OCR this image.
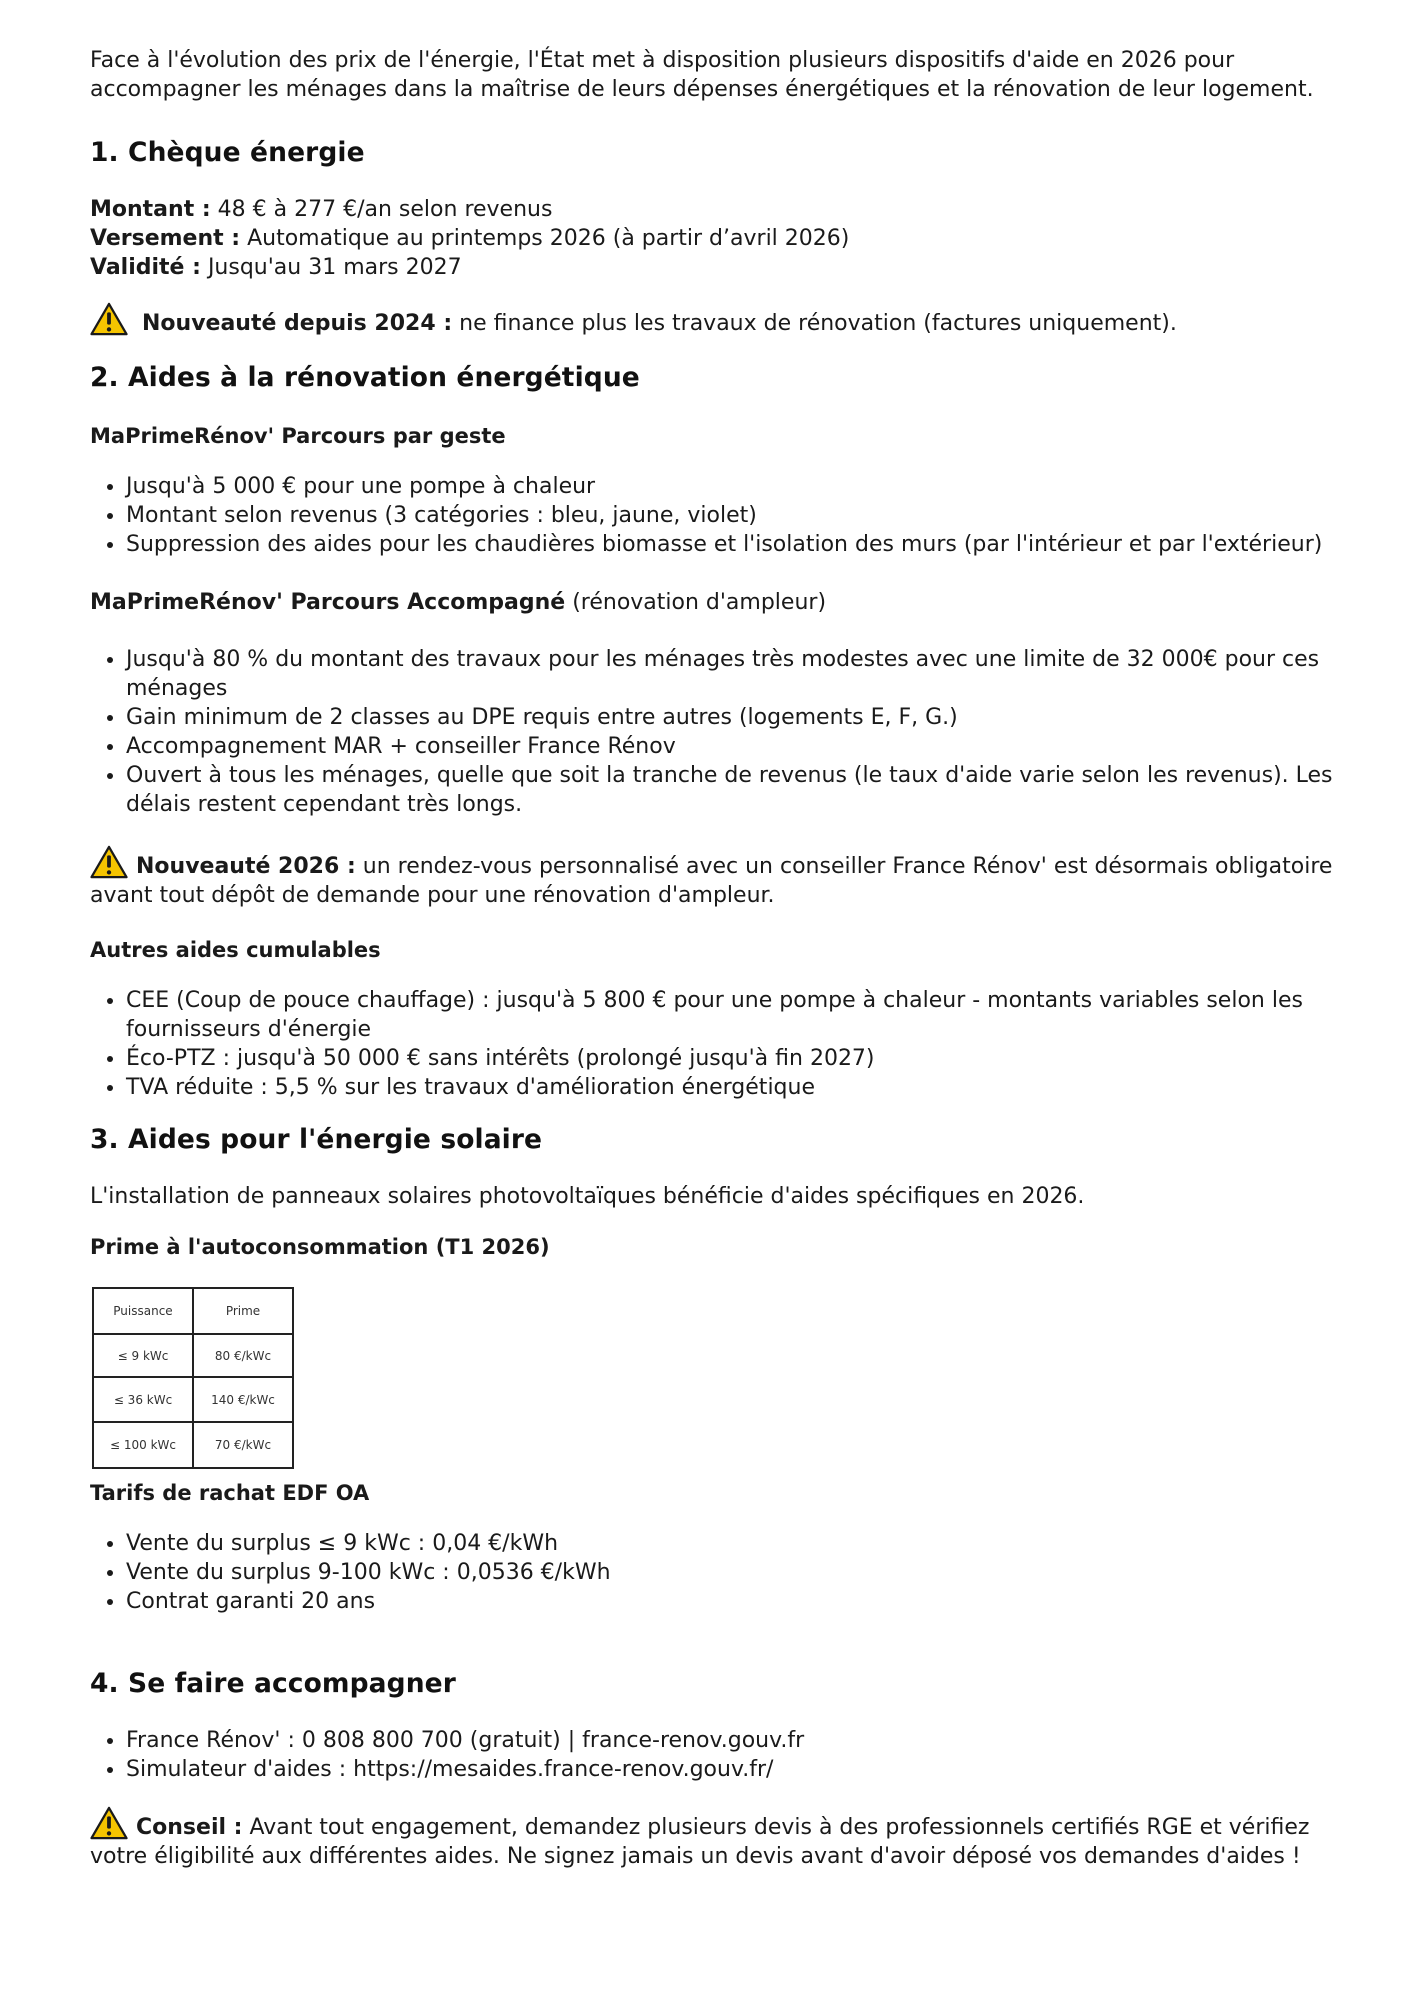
Face à l'évolution des prix de l'énergie, l'État met à disposition plusieurs dispositifs d'aide en 2026 pour accompagner les ménages dans la maîtrise de leurs dépenses énergétiques et la rénovation de leur logement.

1. Chèque énergie

Montant : 48 € à 277 €/an selon revenus

Versement : Automatique au printemps 2026 (à partir d’avril 2026)

Validité : Jusqu'au 31 mars 2027

Nouveauté depuis 2024 : ne finance plus les travaux de rénovation (factures uniquement).

2. Aides à la rénovation énergétique

MaPrimeRénov' Parcours par geste

• Jusqu'à 5 000 € pour une pompe à chaleur
• Montant selon revenus (3 catégories : bleu, jaune, violet)
• Suppression des aides pour les chaudières biomasse et l'isolation des murs (par l'intérieur et par l'extérieur)

MaPrimeRénov' Parcours Accompagné (rénovation d'ampleur)

• Jusqu'à 80 % du montant des travaux pour les ménages très modestes avec une limite de 32 000€ pour ces ménages
• Gain minimum de 2 classes au DPE requis entre autres (logements E, F, G.)
• Accompagnement MAR + conseiller France Rénov
• Ouvert à tous les ménages, quelle que soit la tranche de revenus (le taux d'aide varie selon les revenus). Les délais restent cependant très longs.

Nouveauté 2026 : un rendez-vous personnalisé avec un conseiller France Rénov' est désormais obligatoire avant tout dépôt de demande pour une rénovation d'ampleur.

Autres aides cumulables

• CEE (Coup de pouce chauffage) : jusqu'à 5 800 € pour une pompe à chaleur - montants variables selon les fournisseurs d'énergie
• Éco-PTZ : jusqu'à 50 000 € sans intérêts (prolongé jusqu'à fin 2027)
• TVA réduite : 5,5 % sur les travaux d'amélioration énergétique
3. Aides pour l'énergie solaire

L'installation de panneaux solaires photovoltaïques bénéficie d'aides spécifiques en 2026.

Prime à l'autoconsommation (T1 2026)

Puissance	Prime
≤ 9 kWc	80 €/kWc
≤ 36 kWc	140 €/kWc
≤ 100 kWc	70 €/kWc

Tarifs de rachat EDF OA

• Vente du surplus ≤ 9 kWc : 0,04 €/kWh
• Vente du surplus 9-100 kWc : 0,0536 €/kWh
• Contrat garanti 20 ans
4. Se faire accompagner
• France Rénov' : 0 808 800 700 (gratuit) | france-renov.gouv.fr
• Simulateur d'aides : https://mesaides.france-renov.gouv.fr/

Conseil : Avant tout engagement, demandez plusieurs devis à des professionnels certifiés RGE et vérifiez votre éligibilité aux différentes aides. Ne signez jamais un devis avant d'avoir déposé vos demandes d'aides !
